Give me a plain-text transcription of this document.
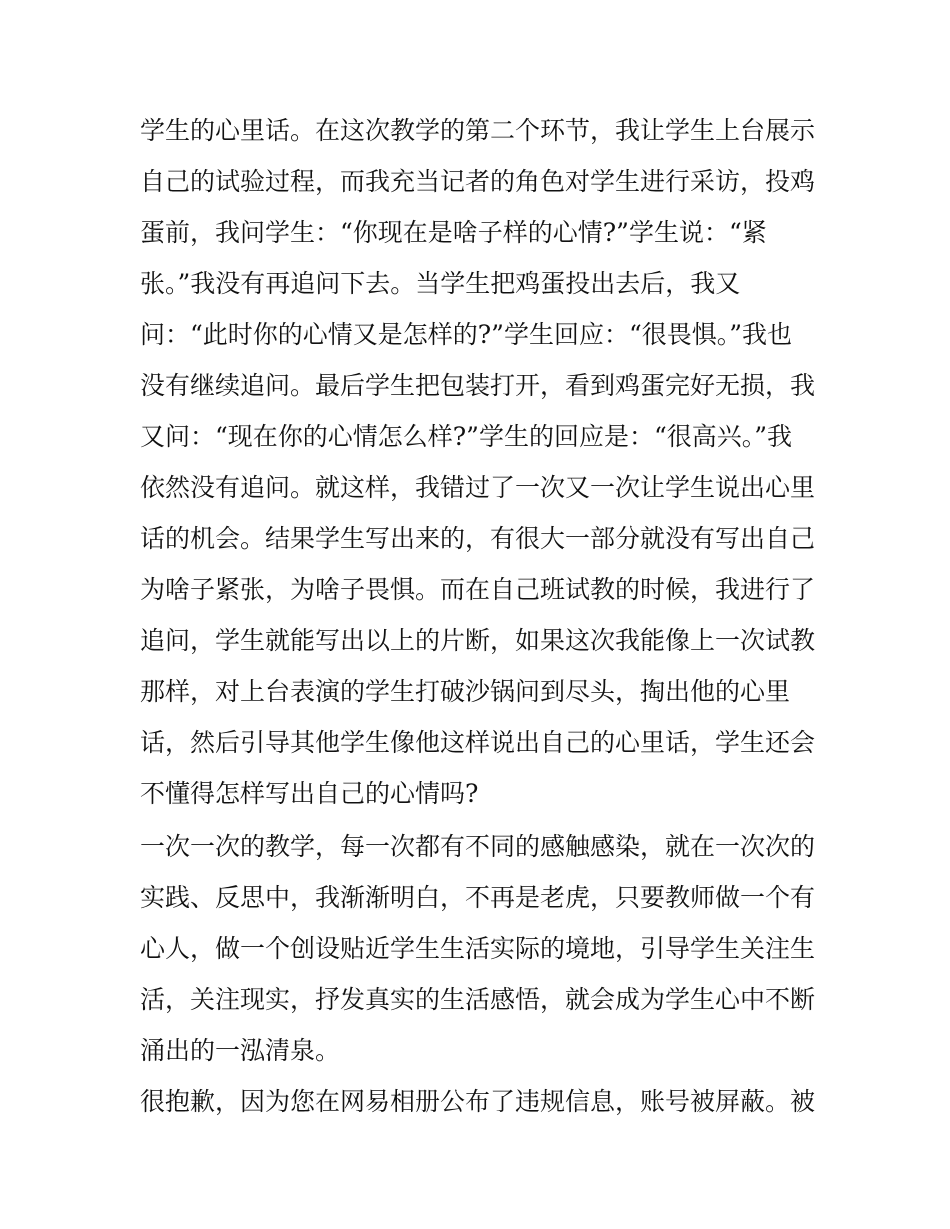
学生的心里话。在这次教学的第二个环节，我让学生上台展示
自己的试验过程，而我充当记者的角色对学生进行采访，投鸡
蛋前，我问学生：“你现在是啥子样的心情?”学生说：“紧
张。”我没有再追问下去。当学生把鸡蛋投出去后，我又
问：“此时你的心情又是怎样的?”学生回应：“很畏惧。”我也
没有继续追问。最后学生把包装打开，看到鸡蛋完好无损，我
又问：“现在你的心情怎么样?”学生的回应是：“很高兴。”我
依然没有追问。就这样，我错过了一次又一次让学生说出心里
话的机会。结果学生写出来的，有很大一部分就没有写出自己
为啥子紧张，为啥子畏惧。而在自己班试教的时候，我进行了
追问，学生就能写出以上的片断，如果这次我能像上一次试教
那样，对上台表演的学生打破沙锅问到尽头，掏出他的心里
话，然后引导其他学生像他这样说出自己的心里话，学生还会
不懂得怎样写出自己的心情吗?
一次一次的教学，每一次都有不同的感触感染，就在一次次的
实践、反思中，我渐渐明白，不再是老虎，只要教师做一个有
心人，做一个创设贴近学生生活实际的境地，引导学生关注生
活，关注现实，抒发真实的生活感悟，就会成为学生心中不断
涌出的一泓清泉。
很抱歉，因为您在网易相册公布了违规信息，账号被屏蔽。被
